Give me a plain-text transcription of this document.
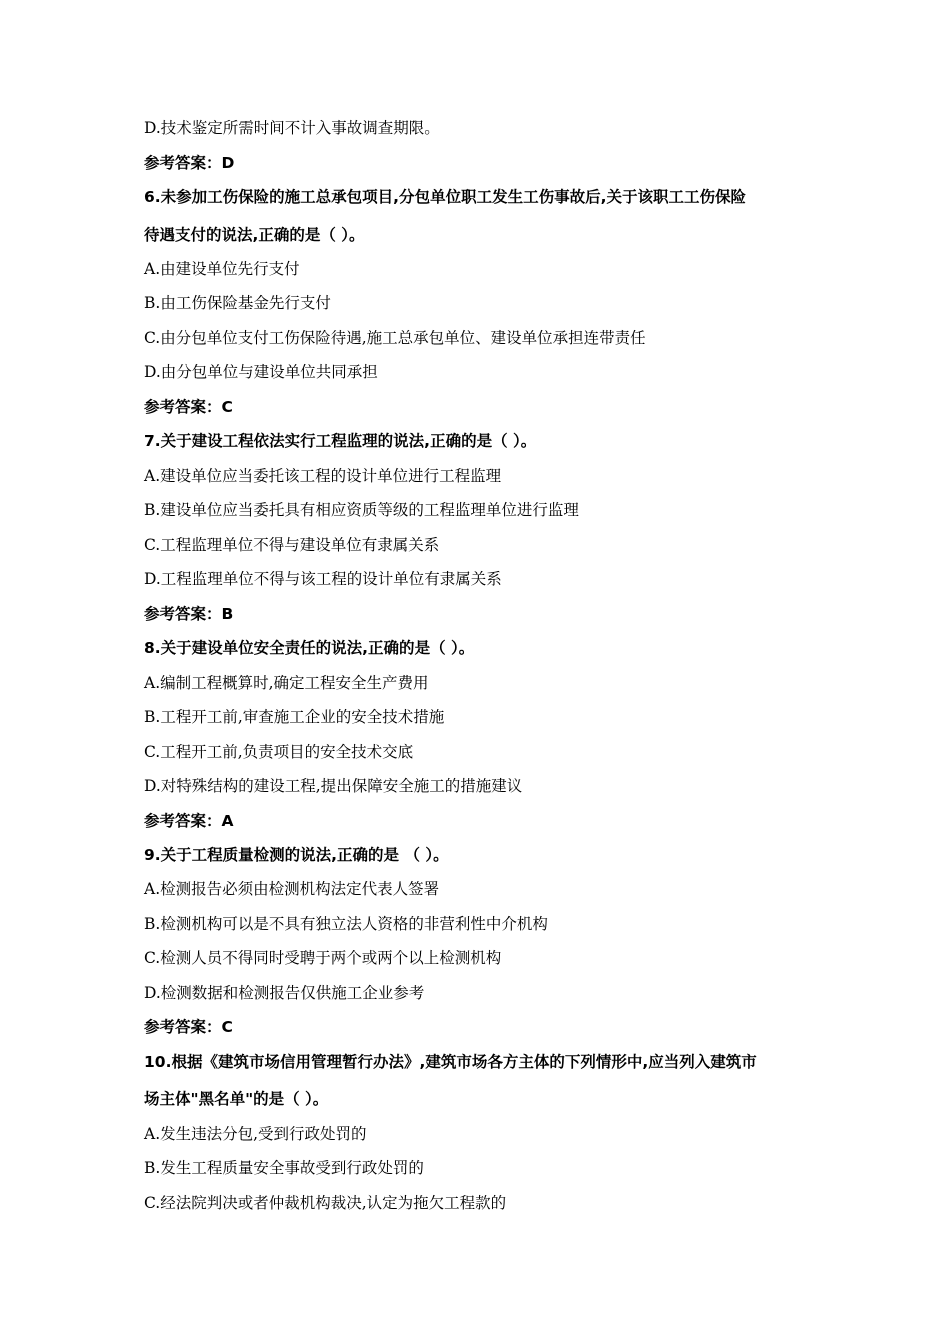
D.技术鉴定所需时间不计入事故调查期限。
参考答案：D
6.未参加工伤保险的施工总承包项目,分包单位职工发生工伤事故后,关于该职工工伤保险
待遇支付的说法,正确的是（ ）。
A.由建设单位先行支付
B.由工伤保险基金先行支付
C.由分包单位支付工伤保险待遇,施工总承包单位、建设单位承担连带责任
D.由分包单位与建设单位共同承担
参考答案：C
7.关于建设工程依法实行工程监理的说法,正确的是（ ）。
A.建设单位应当委托该工程的设计单位进行工程监理
B.建设单位应当委托具有相应资质等级的工程监理单位进行监理
C.工程监理单位不得与建设单位有隶属关系
D.工程监理单位不得与该工程的设计单位有隶属关系
参考答案：B
8.关于建设单位安全责任的说法,正确的是（ ）。
A.编制工程概算时,确定工程安全生产费用
B.工程开工前,审查施工企业的安全技术措施
C.工程开工前,负责项目的安全技术交底
D.对特殊结构的建设工程,提出保障安全施工的措施建议
参考答案：A
9.关于工程质量检测的说法,正确的是 （ ）。
A.检测报告必须由检测机构法定代表人签署
B.检测机构可以是不具有独立法人资格的非营利性中介机构
C.检测人员不得同时受聘于两个或两个以上检测机构
D.检测数据和检测报告仅供施工企业参考
参考答案：C
10.根据《建筑市场信用管理暂行办法》,建筑市场各方主体的下列情形中,应当列入建筑市
场主体"黑名单"的是（ ）。
A.发生违法分包,受到行政处罚的
B.发生工程质量安全事故受到行政处罚的
C.经法院判决或者仲裁机构裁决,认定为拖欠工程款的
